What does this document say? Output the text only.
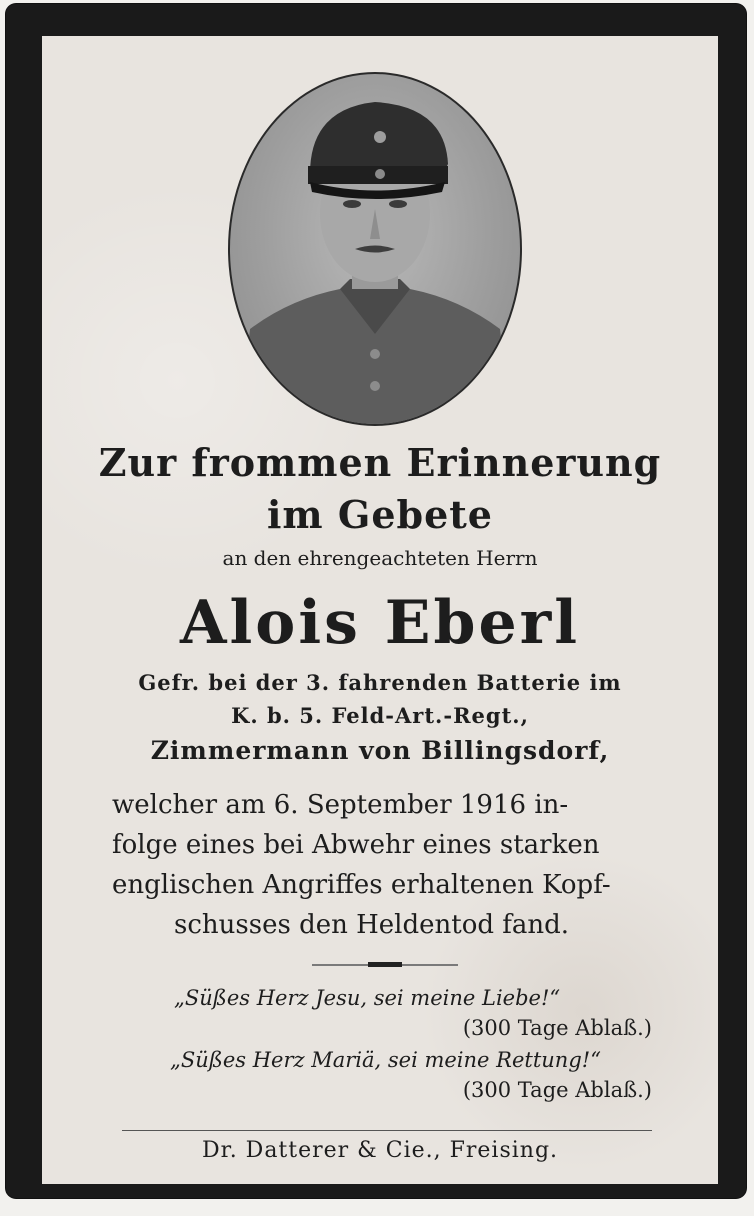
Zur frommen Erinnerung
im Gebete
an den ehrengeachteten Herrn
Alois Eberl
Gefr. bei der 3. fahrenden Batterie im
K. b. 5. Feld-Art.-Regt.,
Zimmermann von Billingsdorf,
welcher am 6. September 1916 in-
folge eines bei Abwehr eines starken
englischen Angriffes erhaltenen Kopf-
schusses den Heldentod fand.
„Süßes Herz Jesu, sei meine Liebe!“
(300 Tage Ablaß.)
„Süßes Herz Mariä, sei meine Rettung!“
(300 Tage Ablaß.)
Dr. Datterer & Cie., Freising.
